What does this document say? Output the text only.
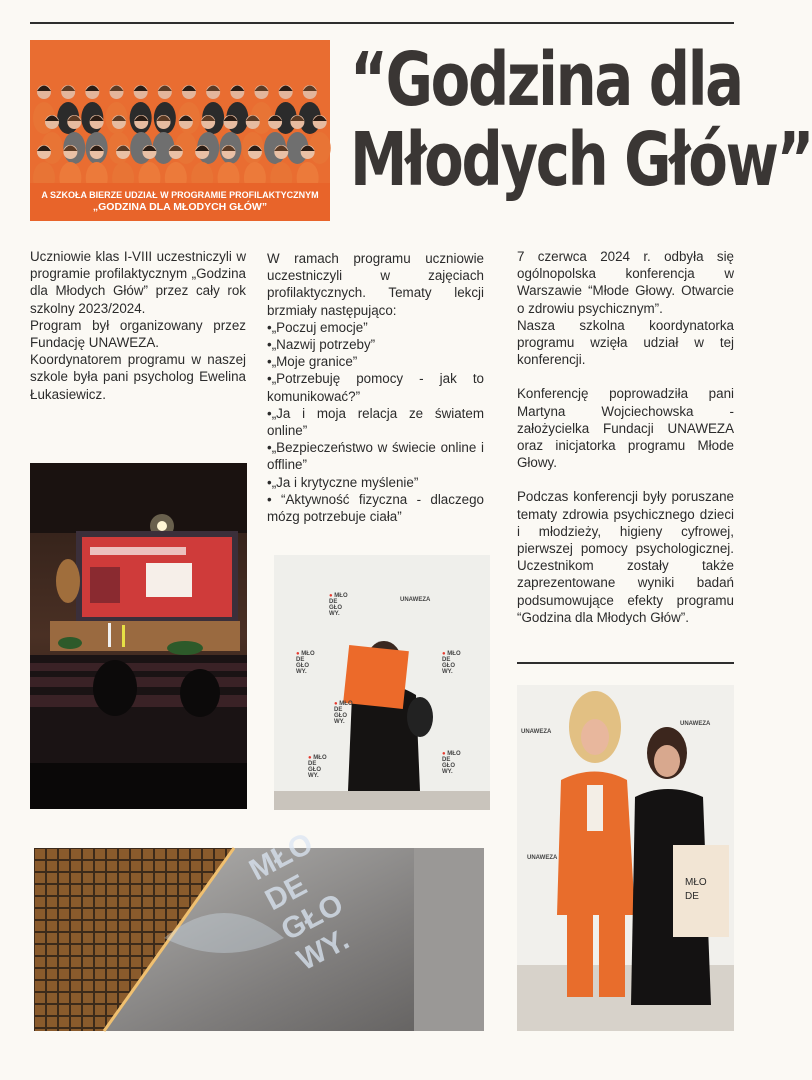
A SZKOŁA BIERZE UDZIAŁ W PROGRAMIE PROFILAKTYCZNYM
„GODZINA DLA MŁODYCH GŁÓW”
“Godzina dla
Młodych Głów”

Uczniowie klas I-VIII uczestniczyli w programie profilaktycznym „Godzina dla Młodych Głów” przez cały rok szkolny 2023/2024.

Program był organizowany przez Fundację UNAWEZA.

Koordynatorem programu w naszej szkole była pani psycholog Ewelina Łukasiewicz.

W ramach programu uczniowie uczestniczyli w zajęciach profilaktycznych. Tematy lekcji brzmiały następująco:

•„Poczuj emocje”

•„Nazwij potrzeby”

•„Moje granice”

•„Potrzebuję pomocy - jak to komunikować?”

•„Ja i moja relacja ze światem online”

•„Bezpieczeństwo w świecie online i offline”

•„Ja i krytyczne myślenie”

• “Aktywność fizyczna - dlaczego mózg potrzebuje ciała”

7 czerwca 2024 r. odbyła się ogólnopolska konferencja w Warszawie “Młode Głowy. Otwarcie o zdrowiu psychicznym”.

Nasza szkolna koordynatorka programu wzięła udział w tej konferencji.

Konferencję poprowadziła pani Martyna Wojciechowska - założycielka Fundacji UNAWEZA oraz inicjatorka programu Młode Głowy.

Podczas konferencji były poruszane tematy zdrowia psychicznego dzieci i młodzieży, higieny cyfrowej, pierwszej pomocy psychologicznej. Uczestnikom zostały także zaprezentowane wyniki badań podsumowujące efekty programu “Godzina dla Młodych Głów”.

● MŁO
DE
GŁO
WY.
UNAWEZA
● MŁO
DE
GŁO
WY.
● MŁO
DE
GŁO
WY.
● MŁO
DE
GŁO
WY.
● MŁO
DE
GŁO
WY.
● MŁO
DE
GŁO
WY.
MŁO
DE
UNAWEZA
UNAWEZA
UNAWEZA
MŁO DE GŁO WY.
